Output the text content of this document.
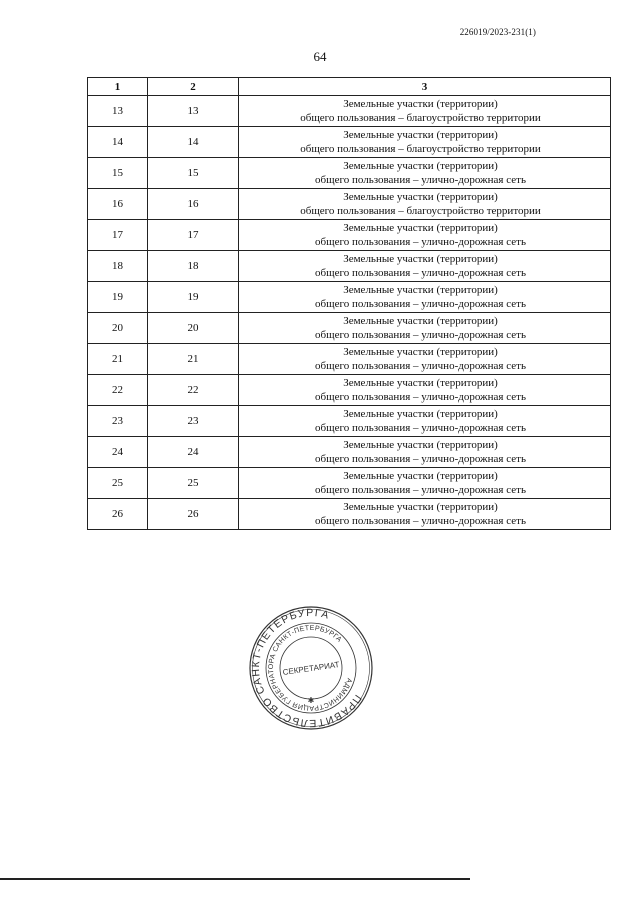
226019/2023-231(1)
64
1	2	3
13	13	Земельные участки (территории)
общего пользования – благоустройство территории

14	14	Земельные участки (территории)
общего пользования – благоустройство территории

15	15	Земельные участки (территории)
общего пользования – улично-дорожная сеть

16	16	Земельные участки (территории)
общего пользования – благоустройство территории

17	17	Земельные участки (территории)
общего пользования – улично-дорожная сеть

18	18	Земельные участки (территории)
общего пользования – улично-дорожная сеть

19	19	Земельные участки (территории)
общего пользования – улично-дорожная сеть

20	20	Земельные участки (территории)
общего пользования – улично-дорожная сеть

21	21	Земельные участки (территории)
общего пользования – улично-дорожная сеть

22	22	Земельные участки (территории)
общего пользования – улично-дорожная сеть

23	23	Земельные участки (территории)
общего пользования – улично-дорожная сеть

24	24	Земельные участки (территории)
общего пользования – улично-дорожная сеть

25	25	Земельные участки (территории)
общего пользования – улично-дорожная сеть

26	26	Земельные участки (территории)
общего пользования – улично-дорожная сеть
ПРАВИТЕЛЬСТВО САНКТ-ПЕТЕРБУРГА
АДМИНИСТРАЦИЯ ГУБЕРНАТОРА САНКТ-ПЕТЕРБУРГА
СЕКРЕТАРИАТ
✱
